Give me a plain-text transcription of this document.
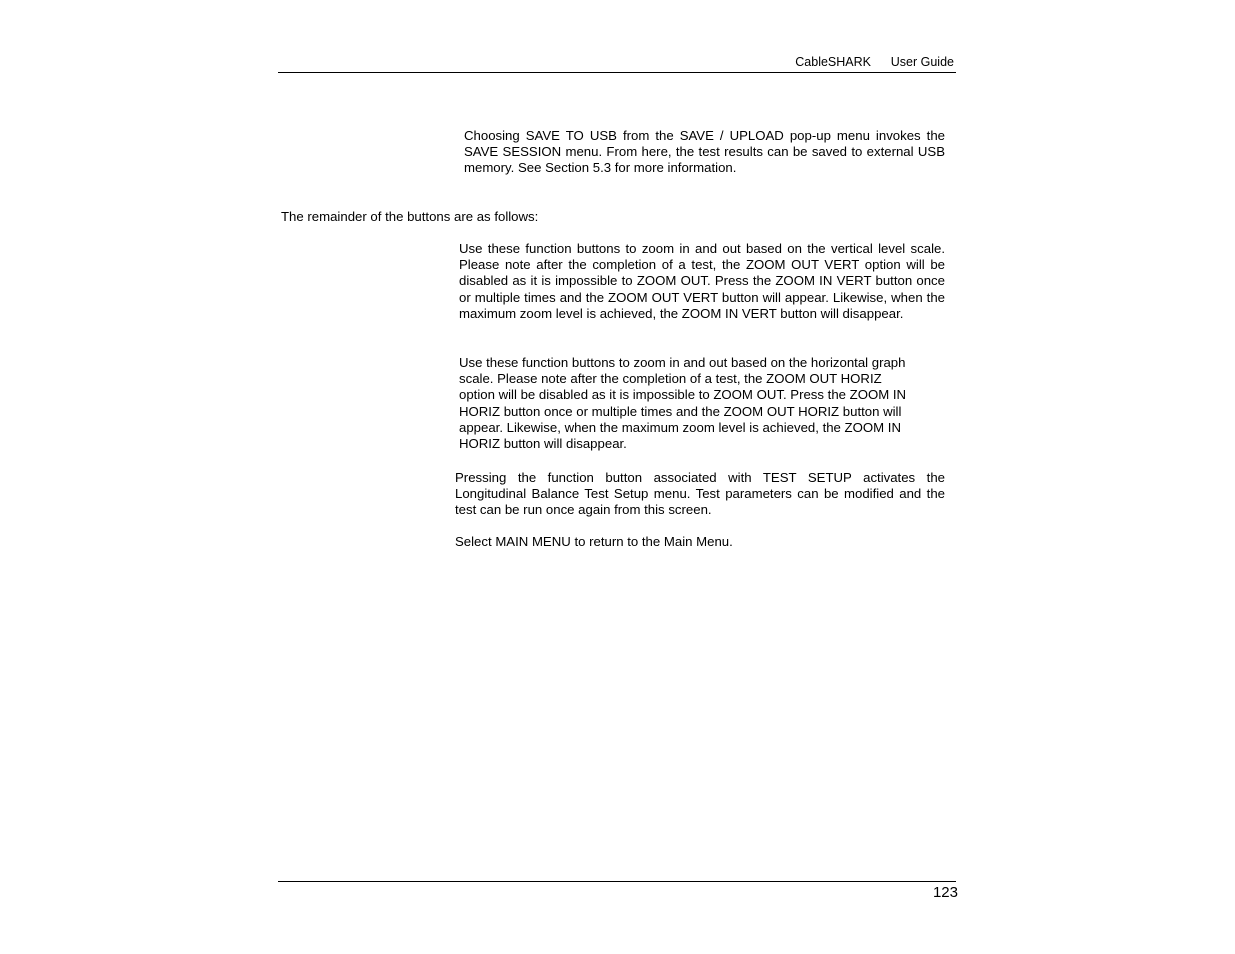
CableSHARK User Guide

Choosing SAVE TO USB from the SAVE / UPLOAD pop-up menu invokes the SAVE SESSION menu. From here, the test results can be saved to external USB memory. See Section 5.3 for more information.

The remainder of the buttons are as follows:

Use these function buttons to zoom in and out based on the vertical level scale. Please note after the completion of a test, the ZOOM OUT VERT option will be disabled as it is impossible to ZOOM OUT. Press the ZOOM IN VERT button once or multiple times and the ZOOM OUT VERT button will appear. Likewise, when the maximum zoom level is achieved, the ZOOM IN VERT button will disappear.

Use these function buttons to zoom in and out based on the horizontal graph
scale. Please note after the completion of a test, the ZOOM OUT HORIZ
option will be disabled as it is impossible to ZOOM OUT. Press the ZOOM IN
HORIZ button once or multiple times and the ZOOM OUT HORIZ button will
appear. Likewise, when the maximum zoom level is achieved, the ZOOM IN
HORIZ button will disappear.

Pressing the function button associated with TEST SETUP activates the Longitudinal Balance Test Setup menu. Test parameters can be modified and the test can be run once again from this screen.

Select MAIN MENU to return to the Main Menu.

123
